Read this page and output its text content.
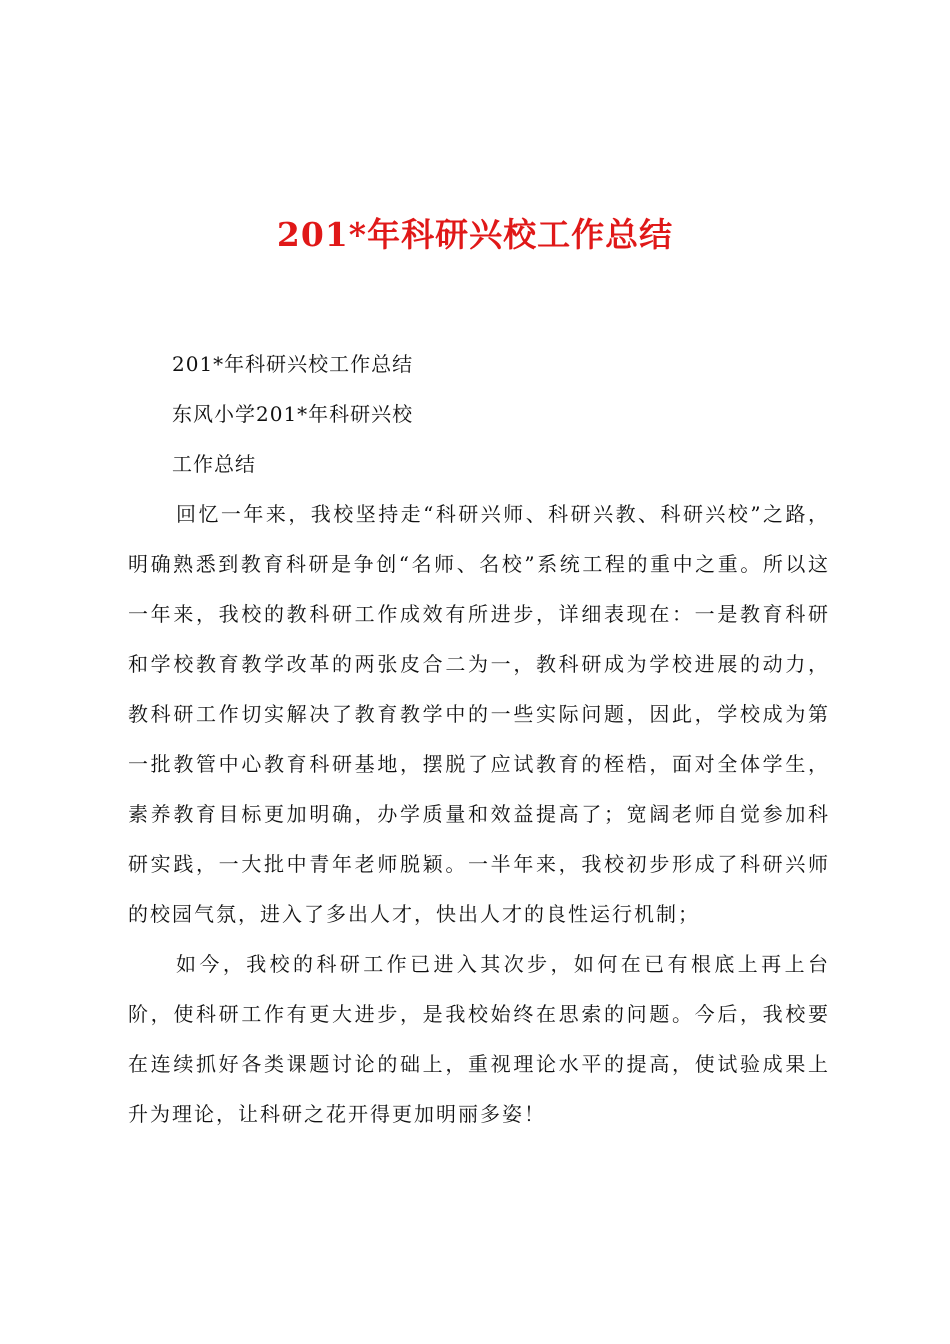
201*年科研兴校工作总结

201*年科研兴校工作总结

东风小学201*年科研兴校

工作总结

回忆一年来，我校坚持走“科研兴师、科研兴教、科研兴校”之路，明确熟悉到教育科研是争创“名师、名校”系统工程的重中之重。所以这一年来，我校的教科研工作成效有所进步，详细表现在：一是教育科研和学校教育教学改革的两张皮合二为一，教科研成为学校进展的动力，教科研工作切实解决了教育教学中的一些实际问题，因此，学校成为第一批教管中心教育科研基地，摆脱了应试教育的桎梏，面对全体学生，素养教育目标更加明确，办学质量和效益提高了；宽阔老师自觉参加科研实践，一大批中青年老师脱颖。一半年来，我校初步形成了科研兴师的校园气氛，进入了多出人才，快出人才的良性运行机制；

如今，我校的科研工作已进入其次步，如何在已有根底上再上台阶，使科研工作有更大进步，是我校始终在思索的问题。今后，我校要在连续抓好各类课题讨论的础上，重视理论水平的提高，使试验成果上升为理论，让科研之花开得更加明丽多姿！
